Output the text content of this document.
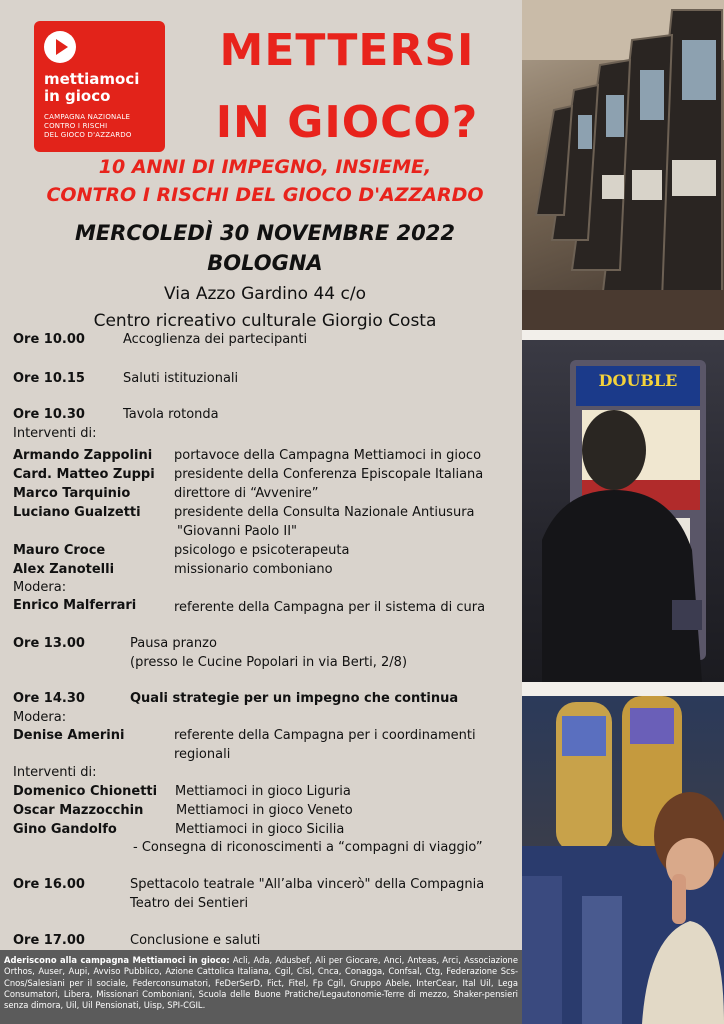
mettiamoci
in gioco
CAMPAGNA NAZIONALE
CONTRO I RISCHI
DEL GIOCO D'AZZARDO
METTERSI
IN GIOCO?
10 ANNI DI IMPEGNO, INSIEME,
CONTRO I RISCHI DEL GIOCO D'AZZARDO
MERCOLEDÌ 30 NOVEMBRE 2022
BOLOGNA
Via Azzo Gardino 44 c/o
Centro ricreativo culturale Giorgio Costa
Ore 10.00	Accoglienza dei partecipanti
Ore 10.15	Saluti istituzionali
Ore 10.30	Tavola rotonda
Interventi di:
Armando Zappolini portavoce della Campagna Mettiamoci in gioco
Card. Matteo Zuppi presidente della Conferenza Episcopale Italiana
Marco Tarquinio	direttore di “Avvenire”
Luciano Gualzetti	presidente della Consulta Nazionale Antiusura
"Giovanni Paolo II"
Mauro Croce	psicologo e psicoterapeuta
Alex Zanotelli	missionario comboniano
Modera:
Enrico Malferrari	referente della Campagna per il sistema di cura
Ore 13.00	Pausa pranzo
(presso le Cucine Popolari in via Berti, 2/8)
Ore 14.30	Quali strategie per un impegno che continua
Modera:
Denise Amerini	referente della Campagna per i coordinamenti
regionali
Interventi di:
Domenico Chionetti Mettiamoci in gioco Liguria
Oscar Mazzocchin	Mettiamoci in gioco Veneto
Gino Gandolfo	Mettiamoci in gioco Sicilia
- Consegna di riconoscimenti a “compagni di viaggio”
Ore 16.00	Spettacolo teatrale "All’alba vincerò" della Compagnia
Teatro dei Sentieri
Ore 17.00	Conclusione e saluti
Aderiscono alla campagna Mettiamoci in gioco: Acli, Ada, Adusbef, Ali per Giocare, Anci, Anteas, Arci, Associazione Orthos, Auser, Aupi, Avviso Pubblico, Azione Cattolica Italiana, Cgil, Cisl, Cnca, Conagga, Confsal, Ctg, Federazione Scs-Cnos/Salesiani per il sociale, Federconsumatori, FeDerSerD, Fict, Fitel, Fp Cgil, Gruppo Abele, InterCear, Ital Uil, Lega Consumatori, Libera, Missionari Comboniani, Scuola delle Buone Pratiche/Legautonomie-Terre di mezzo, Shaker-pensieri senza dimora, Uil, Uil Pensionati, Uisp, SPI-CGIL.
DOUBLE
